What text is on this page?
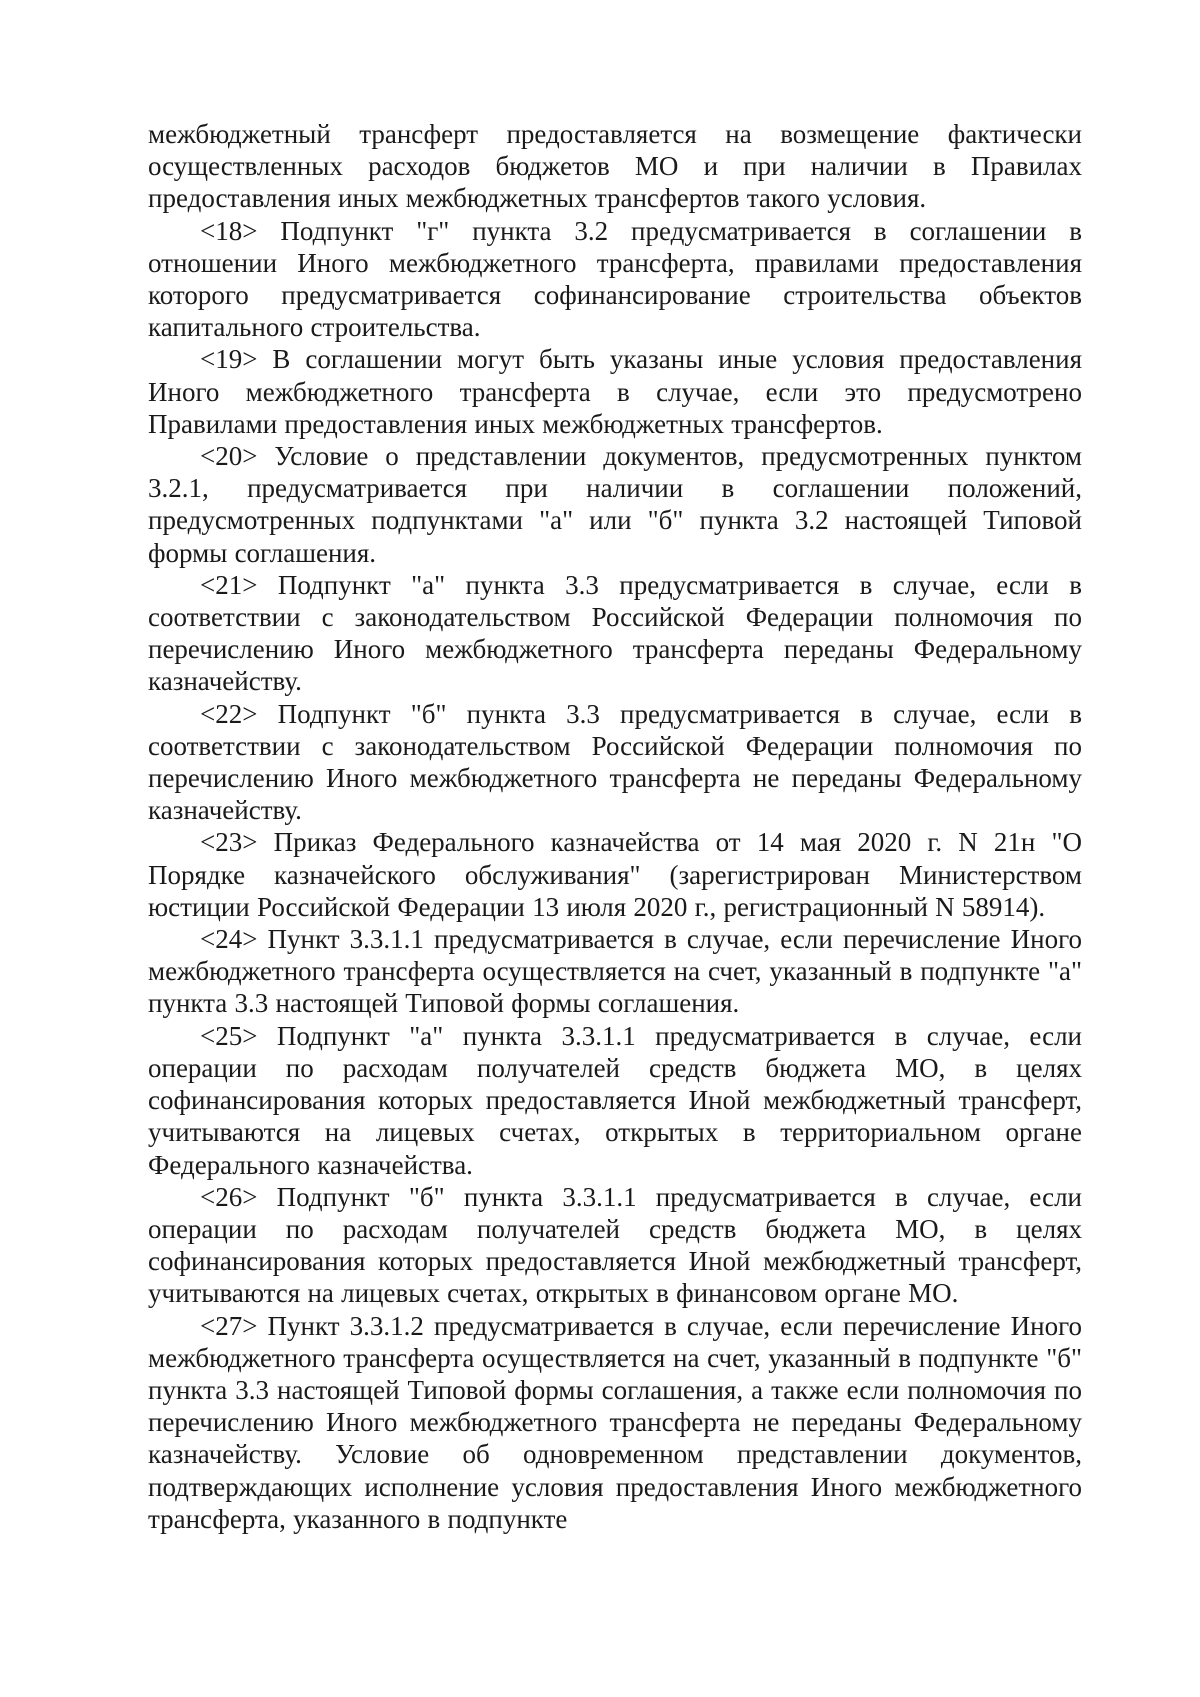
межбюджетный трансферт предоставляется на возмещение фактически осуществленных расходов бюджетов МО и при наличии в Правилах предоставления иных межбюджетных трансфертов такого условия.

<18> Подпункт "г" пункта 3.2 предусматривается в соглашении в отношении Иного межбюджетного трансферта, правилами предоставления которого предусматривается софинансирование строительства объектов капитального строительства.

<19> В соглашении могут быть указаны иные условия предоставления Иного межбюджетного трансферта в случае, если это предусмотрено Правилами предоставления иных межбюджетных трансфертов.

<20> Условие о представлении документов, предусмотренных пунктом 3.2.1, предусматривается при наличии в соглашении положений, предусмотренных подпунктами "а" или "б" пункта 3.2 настоящей Типовой формы соглашения.

<21> Подпункт "а" пункта 3.3 предусматривается в случае, если в соответствии с законодательством Российской Федерации полномочия по перечислению Иного межбюджетного трансферта переданы Федеральному казначейству.

<22> Подпункт "б" пункта 3.3 предусматривается в случае, если в соответствии с законодательством Российской Федерации полномочия по перечислению Иного межбюджетного трансферта не переданы Федеральному казначейству.

<23> Приказ Федерального казначейства от 14 мая 2020 г. N 21н "О Порядке казначейского обслуживания" (зарегистрирован Министерством юстиции Российской Федерации 13 июля 2020 г., регистрационный N 58914).

<24> Пункт 3.3.1.1 предусматривается в случае, если перечисление Иного межбюджетного трансферта осуществляется на счет, указанный в подпункте "а" пункта 3.3 настоящей Типовой формы соглашения.

<25> Подпункт "а" пункта 3.3.1.1 предусматривается в случае, если операции по расходам получателей средств бюджета МО, в целях софинансирования которых предоставляется Иной межбюджетный трансферт, учитываются на лицевых счетах, открытых в территориальном органе Федерального казначейства.

<26> Подпункт "б" пункта 3.3.1.1 предусматривается в случае, если операции по расходам получателей средств бюджета МО, в целях софинансирования которых предоставляется Иной межбюджетный трансферт, учитываются на лицевых счетах, открытых в финансовом органе МО.

<27> Пункт 3.3.1.2 предусматривается в случае, если перечисление Иного межбюджетного трансферта осуществляется на счет, указанный в подпункте "б" пункта 3.3 настоящей Типовой формы соглашения, а также если полномочия по перечислению Иного межбюджетного трансферта не переданы Федеральному казначейству. Условие об одновременном представлении документов, подтверждающих исполнение условия предоставления Иного межбюджетного трансферта, указанного в подпункте
